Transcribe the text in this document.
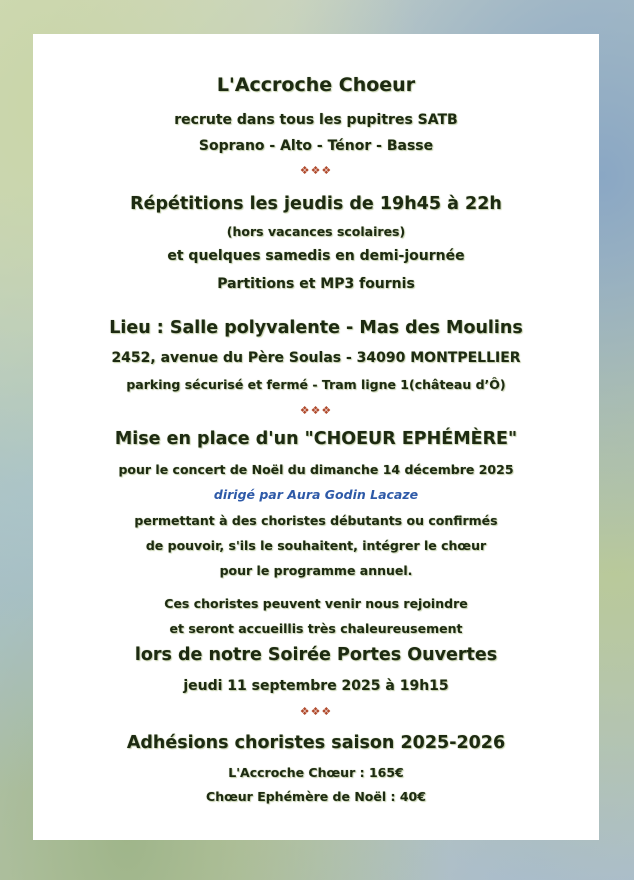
L'Accroche Choeur
recrute dans tous les pupitres SATB
Soprano - Alto - Ténor - Basse
❖❖❖
Répétitions les jeudis de 19h45 à 22h
(hors vacances scolaires)
et quelques samedis en demi-journée
Partitions et MP3 fournis
Lieu : Salle polyvalente - Mas des Moulins
2452, avenue du Père Soulas - 34090 MONTPELLIER
parking sécurisé et fermé - Tram ligne 1(château d’Ô)
❖❖❖
Mise en place d'un "CHOEUR EPHÉMÈRE"
pour le concert de Noël du dimanche 14 décembre 2025
dirigé par Aura Godin Lacaze
permettant à des choristes débutants ou confirmés
de pouvoir, s'ils le souhaitent, intégrer le chœur
pour le programme annuel.
Ces choristes peuvent venir nous rejoindre
et seront accueillis très chaleureusement
lors de notre Soirée Portes Ouvertes
jeudi 11 septembre 2025 à 19h15
❖❖❖
Adhésions choristes saison 2025-2026
L'Accroche Chœur : 165€
Chœur Ephémère de Noël : 40€
